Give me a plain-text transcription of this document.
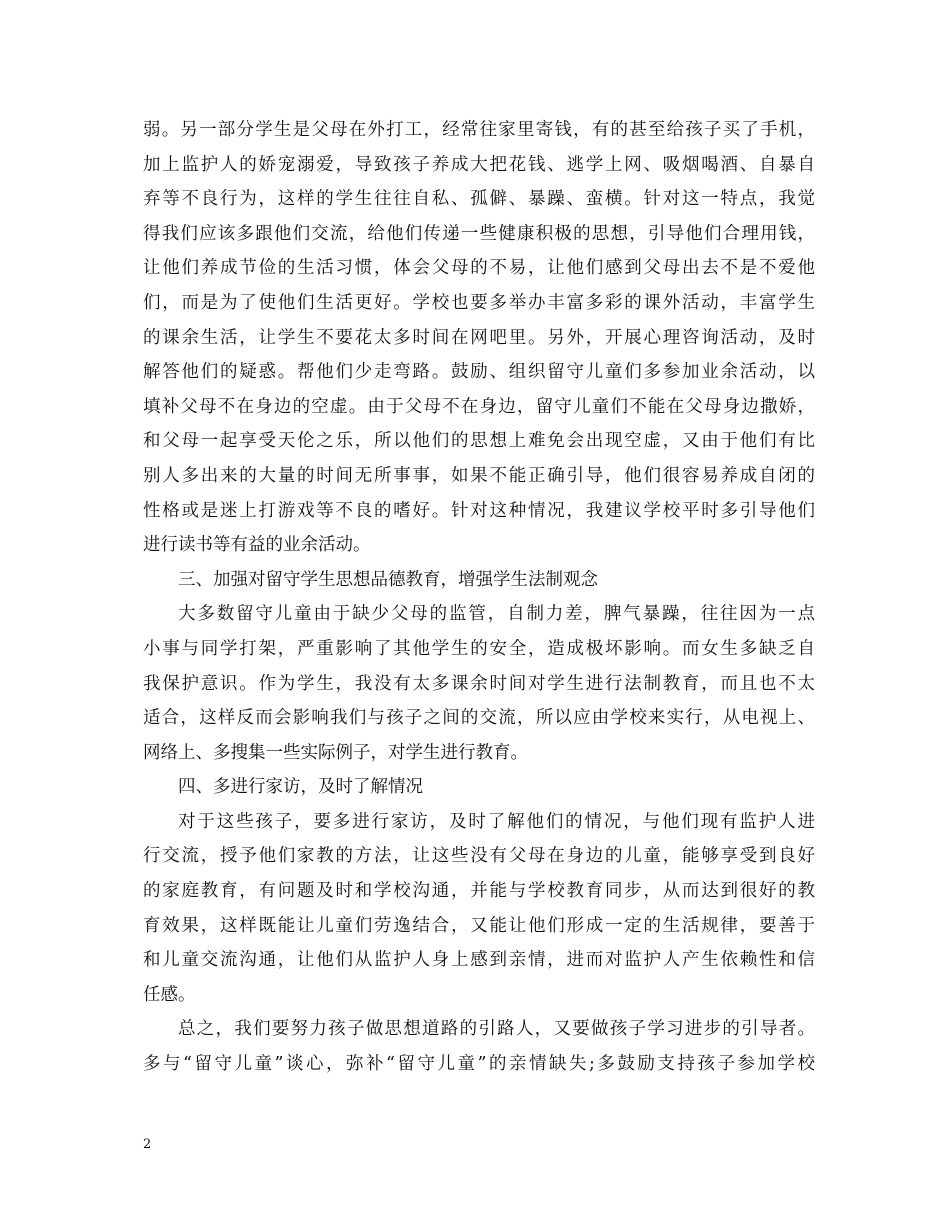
弱。另一部分学生是父母在外打工，经常往家里寄钱，有的甚至给孩子买了手机，
加上监护人的娇宠溺爱，导致孩子养成大把花钱、逃学上网、吸烟喝酒、自暴自
弃等不良行为，这样的学生往往自私、孤僻、暴躁、蛮横。针对这一特点，我觉
得我们应该多跟他们交流，给他们传递一些健康积极的思想，引导他们合理用钱，
让他们养成节俭的生活习惯，体会父母的不易，让他们感到父母出去不是不爱他
们，而是为了使他们生活更好。学校也要多举办丰富多彩的课外活动，丰富学生
的课余生活，让学生不要花太多时间在网吧里。另外，开展心理咨询活动，及时
解答他们的疑惑。帮他们少走弯路。鼓励、组织留守儿童们多参加业余活动，以
填补父母不在身边的空虚。由于父母不在身边，留守儿童们不能在父母身边撒娇，
和父母一起享受天伦之乐，所以他们的思想上难免会出现空虚，又由于他们有比
别人多出来的大量的时间无所事事，如果不能正确引导，他们很容易养成自闭的
性格或是迷上打游戏等不良的嗜好。针对这种情况，我建议学校平时多引导他们
进行读书等有益的业余活动。
三、加强对留守学生思想品德教育，增强学生法制观念
大多数留守儿童由于缺少父母的监管，自制力差，脾气暴躁，往往因为一点
小事与同学打架，严重影响了其他学生的安全，造成极坏影响。而女生多缺乏自
我保护意识。作为学生，我没有太多课余时间对学生进行法制教育，而且也不太
适合，这样反而会影响我们与孩子之间的交流，所以应由学校来实行，从电视上、
网络上、多搜集一些实际例子，对学生进行教育。
四、多进行家访，及时了解情况
对于这些孩子，要多进行家访，及时了解他们的情况，与他们现有监护人进
行交流，授予他们家教的方法，让这些没有父母在身边的儿童，能够享受到良好
的家庭教育，有问题及时和学校沟通，并能与学校教育同步，从而达到很好的教
育效果，这样既能让儿童们劳逸结合，又能让他们形成一定的生活规律，要善于
和儿童交流沟通，让他们从监护人身上感到亲情，进而对监护人产生依赖性和信
任感。
总之，我们要努力孩子做思想道路的引路人，又要做孩子学习进步的引导者。
多与“留守儿童”谈心，弥补“留守儿童”的亲情缺失;多鼓励支持孩子参加学校
2
